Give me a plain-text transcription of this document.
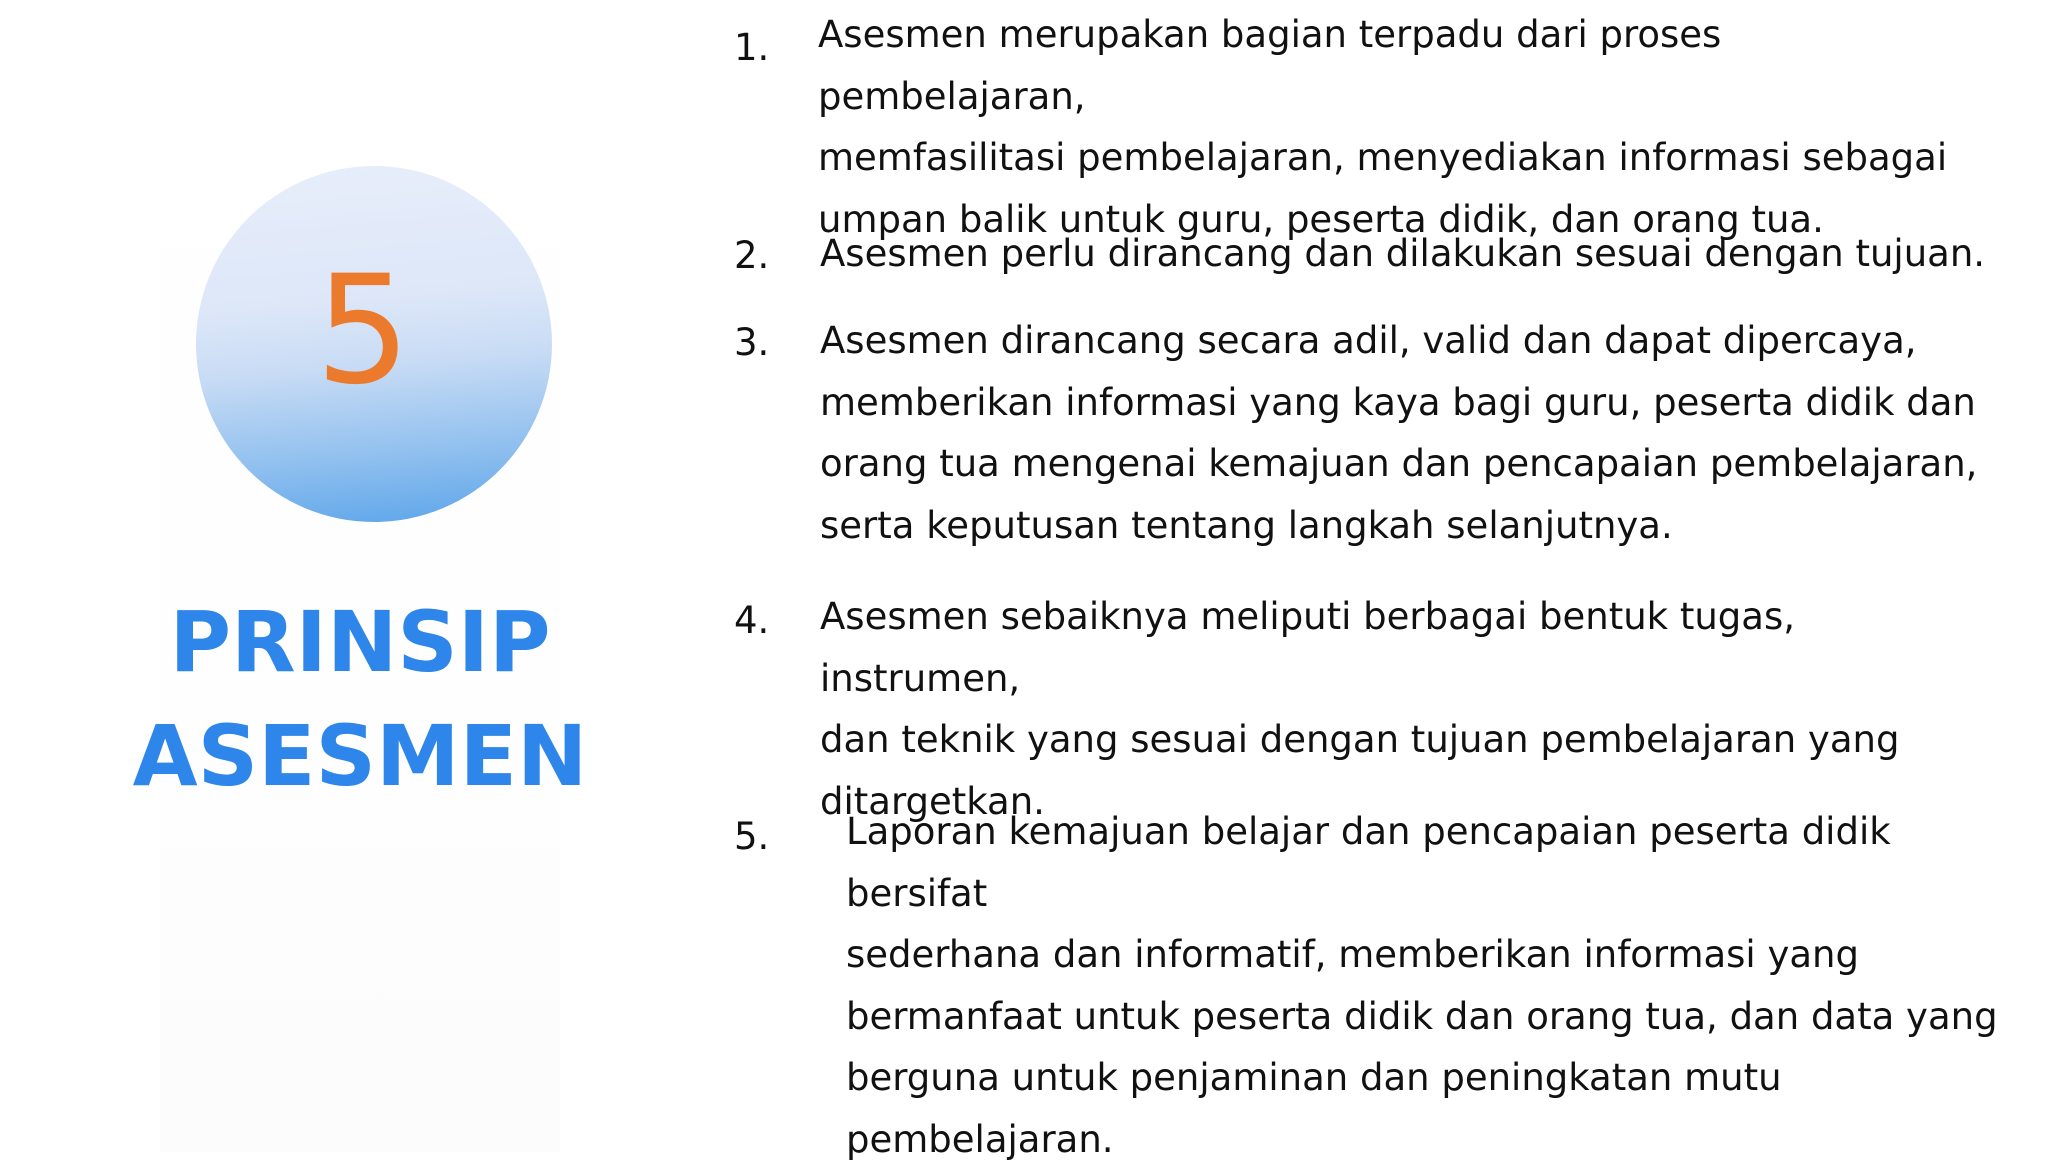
5
PRINSIP
ASESMEN
1. Asesmen merupakan bagian terpadu dari proses pembelajaran,
memfasilitasi pembelajaran, menyediakan informasi sebagai
umpan balik untuk guru, peserta didik, dan orang tua.
2. Asesmen perlu dirancang dan dilakukan sesuai dengan tujuan.
3. Asesmen dirancang secara adil, valid dan dapat dipercaya,
memberikan informasi yang kaya bagi guru, peserta didik dan
orang tua mengenai kemajuan dan pencapaian pembelajaran,
serta keputusan tentang langkah selanjutnya.
4. Asesmen sebaiknya meliputi berbagai bentuk tugas, instrumen,
dan teknik yang sesuai dengan tujuan pembelajaran yang
ditargetkan.
5. Laporan kemajuan belajar dan pencapaian peserta didik bersifat
sederhana dan informatif, memberikan informasi yang
bermanfaat untuk peserta didik dan orang tua, dan data yang
berguna untuk penjaminan dan peningkatan mutu
pembelajaran.
